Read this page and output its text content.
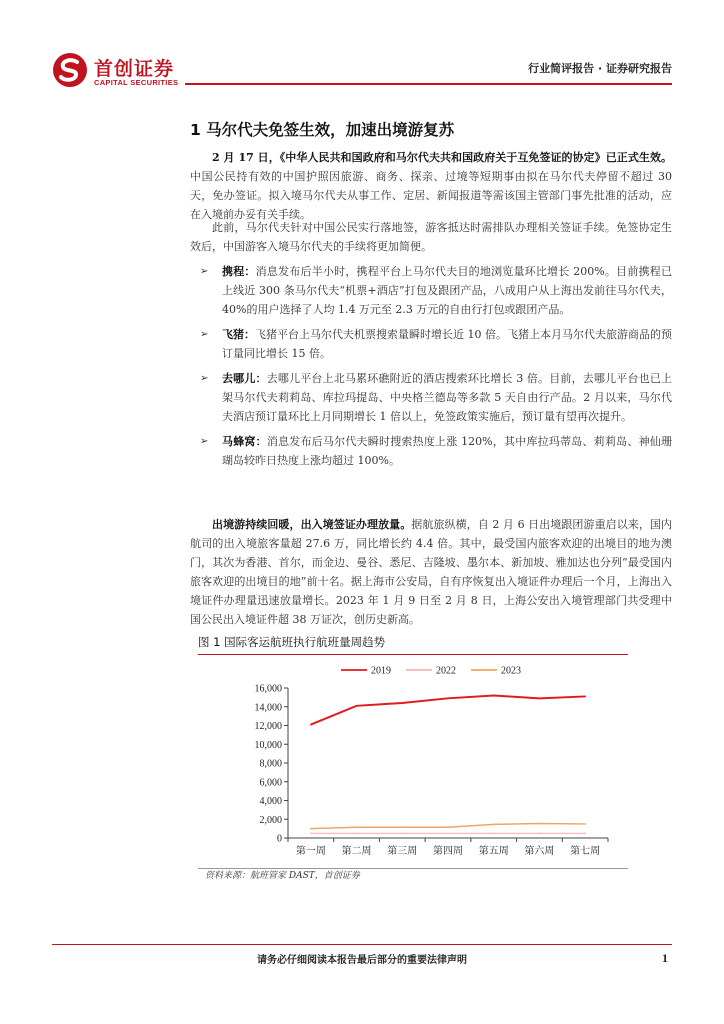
首创证券
CAPITAL SECURITIES
行业简评报告 · 证券研究报告
1 马尔代夫免签生效，加速出境游复苏
2 月 17 日，《中华人民共和国政府和马尔代夫共和国政府关于互免签证的协定》已正式生效。中国公民持有效的中国护照因旅游、商务、探亲、过境等短期事由拟在马尔代夫停留不超过 30 天，免办签证。拟入境马尔代夫从事工作、定居、新闻报道等需该国主管部门事先批准的活动，应在入境前办妥有关手续。
此前，马尔代夫针对中国公民实行落地签，游客抵达时需排队办理相关签证手续。免签协定生效后，中国游客入境马尔代夫的手续将更加简便。
➢ 携程：消息发布后半小时，携程平台上马尔代夫目的地浏览量环比增长 200%。目前携程已上线近 300 条马尔代夫“机票+酒店”打包及跟团产品，八成用户从上海出发前往马尔代夫，40%的用户选择了人均 1.4 万元至 2.3 万元的自由行打包或跟团产品。
➢ 飞猪：飞猪平台上马尔代夫机票搜索量瞬时增长近 10 倍。飞猪上本月马尔代夫旅游商品的预订量同比增长 15 倍。
➢ 去哪儿：去哪儿平台上北马累环礁附近的酒店搜索环比增长 3 倍。目前，去哪儿平台也已上架马尔代夫莉莉岛、库拉玛提岛、中央格兰德岛等多款 5 天自由行产品。2 月以来，马尔代夫酒店预订量环比上月同期增长 1 倍以上，免签政策实施后，预订量有望再次提升。
➢ 马蜂窝：消息发布后马尔代夫瞬时搜索热度上涨 120%，其中库拉玛蒂岛、莉莉岛、神仙珊瑚岛较昨日热度上涨均超过 100%。
出境游持续回暖，出入境签证办理放量。据航旅纵横，自 2 月 6 日出境跟团游重启以来，国内航司的出入境旅客量超 27.6 万，同比增长约 4.4 倍。其中，最受国内旅客欢迎的出境目的地为澳门，其次为香港、首尔，而金边、曼谷、悉尼、吉隆坡、墨尔本、新加坡、雅加达也分列“最受国内旅客欢迎的出境目的地”前十名。据上海市公安局，自有序恢复出入境证件办理后一个月，上海出入境证件办理量迅速放量增长。2023 年 1 月 9 日至 2 月 8 日，上海公安出入境管理部门共受理中国公民出入境证件超 38 万证次，创历史新高。
图 1 国际客运航班执行航班量周趋势
0
2,000
4,000
6,000
8,000
10,000
12,000
14,000
16,000
第一周 第二周 第三周 第四周 第五周 第六周 第七周
2019	2022	2023
资料来源：航班管家 DAST，首创证券
请务必仔细阅读本报告最后部分的重要法律声明	1
